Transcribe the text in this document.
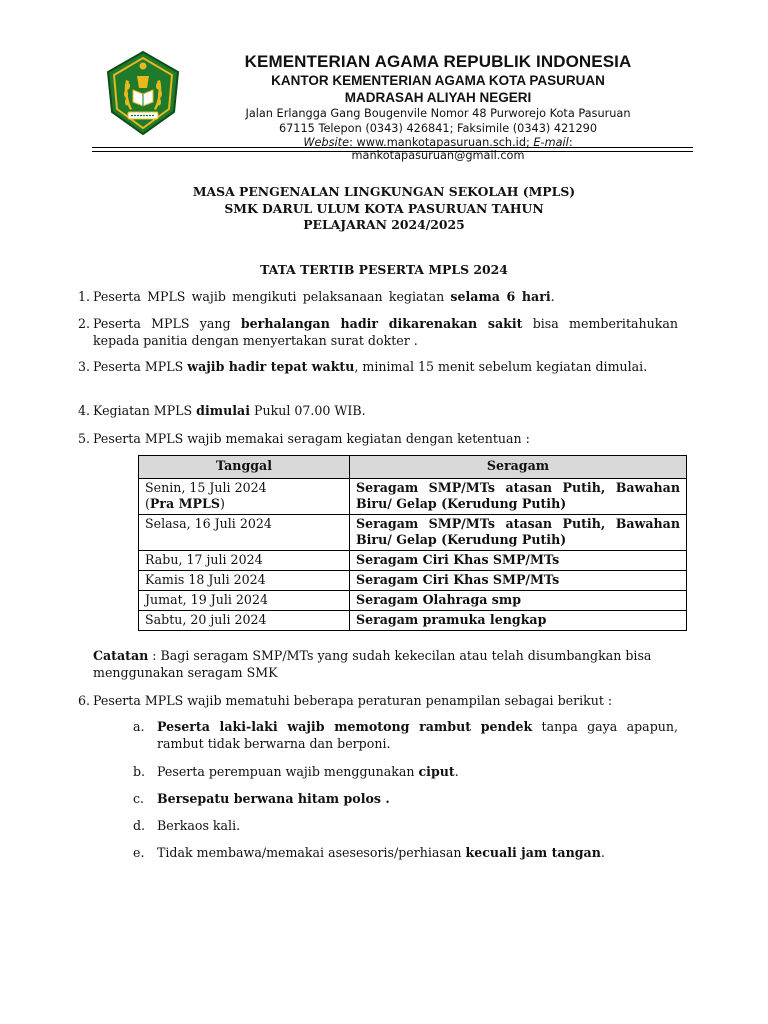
KEMENTERIAN AGAMA REPUBLIK INDONESIA
KANTOR KEMENTERIAN AGAMA KOTA PASURUAN
MADRASAH ALIYAH NEGERI
Jalan Erlangga Gang Bougenvile Nomor 48 Purworejo Kota Pasuruan
67115 Telepon (0343) 426841; Faksimile (0343) 421290
Website: www.mankotapasuruan.sch.id; E-mail:
mankotapasuruan@gmail.com
MASA PENGENALAN LINGKUNGAN SEKOLAH (MPLS)
SMK DARUL ULUM KOTA PASURUAN TAHUN
PELAJARAN 2024/2025
TATA TERTIB PESERTA MPLS 2024
1. Peserta MPLS wajib mengikuti pelaksanaan kegiatan selama 6 hari.
2. Peserta MPLS yang berhalangan hadir dikarenakan sakit bisa memberitahukan kepada panitia dengan menyertakan surat dokter .
3. Peserta MPLS wajib hadir tepat waktu, minimal 15 menit sebelum kegiatan dimulai.
4. Kegiatan MPLS dimulai Pukul 07.00 WIB.
5. Peserta MPLS wajib memakai seragam kegiatan dengan ketentuan :
Tanggal	Seragam
Senin, 15 Juli 2024
(Pra MPLS)	Seragam SMP/MTs atasan Putih, Bawahan Biru/ Gelap (Kerudung Putih)
Selasa, 16 Juli 2024	Seragam SMP/MTs atasan Putih, Bawahan Biru/ Gelap (Kerudung Putih)
Rabu, 17 juli 2024	Seragam Ciri Khas SMP/MTs
Kamis 18 Juli 2024	Seragam Ciri Khas SMP/MTs
Jumat, 19 Juli 2024	Seragam Olahraga smp
Sabtu, 20 juli 2024	Seragam pramuka lengkap
Catatan : Bagi seragam SMP/MTs yang sudah kekecilan atau telah disumbangkan bisa menggunakan seragam SMK
6. Peserta MPLS wajib mematuhi beberapa peraturan penampilan sebagai berikut :
a. Peserta laki-laki wajib memotong rambut pendek tanpa gaya apapun, rambut tidak berwarna dan berponi.
b. Peserta perempuan wajib menggunakan ciput.
c.	Bersepatu berwana hitam polos .
d. Berkaos kali.
e. Tidak membawa/memakai asesesoris/perhiasan kecuali jam tangan.
